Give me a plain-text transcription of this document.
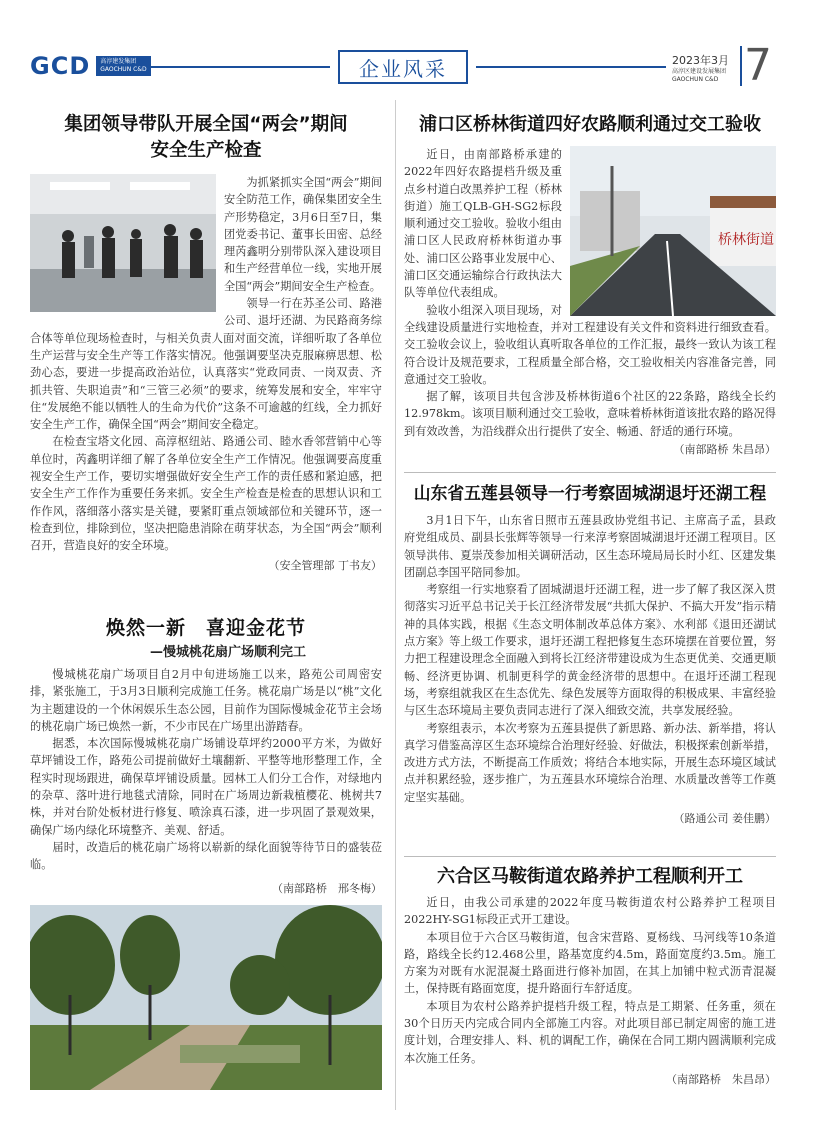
GCD	高淳建发集团
GAOCHUN C&D	企业风采	2023年3月
高淳区建设发展集团
GAOCHUN C&D 7
集团领导带队开展全国“两会”期间
安全生产检查

为抓紧抓实全国“两会”期间安全防范工作，确保集团安全生产形势稳定，3月6日至7日，集团党委书记、董事长田密、总经理芮鑫明分别带队深入建设项目和生产经营单位一线，实地开展全国“两会”期间安全生产检查。

领导一行在苏圣公司、路港公司、退圩还湖、为民路商务综合体等单位现场检查时，与相关负责人面对面交流，详细听取了各单位生产运营与安全生产等工作落实情况。他强调要坚决克服麻痹思想、松劲心态，要进一步提高政治站位，认真落实“党政同责、一岗双责、齐抓共管、失职追责”和“三管三必须”的要求，统筹发展和安全，牢牢守住“发展绝不能以牺牲人的生命为代价”这条不可逾越的红线，全力抓好安全生产工作，确保全国“两会”期间安全稳定。

在检查宝塔文化园、高淳枢纽站、路通公司、睦水香邻营销中心等单位时，芮鑫明详细了解了各单位安全生产工作情况。他强调要高度重视安全生产工作，要切实增强做好安全生产工作的责任感和紧迫感，把安全生产工作作为重要任务来抓。安全生产检查是检查的思想认识和工作作风，落细落小落实是关键，要紧盯重点领域部位和关键环节，逐一检查到位，排除到位，坚决把隐患消除在萌芽状态，为全国“两会”顺利召开，营造良好的安全环境。

（安全管理部 丁书友）
焕然一新　喜迎金花节
—慢城桃花扇广场顺利完工

慢城桃花扇广场项目自2月中旬进场施工以来，路苑公司周密安排，紧张施工，于3月3日顺利完成施工任务。桃花扇广场是以“桃”文化为主题建设的一个休闲娱乐生态公园，目前作为国际慢城金花节主会场的桃花扇广场已焕然一新，不少市民在广场里出游踏春。

据悉，本次国际慢城桃花扇广场铺设草坪约2000平方米，为做好草坪铺设工作，路苑公司提前做好土壤翻新、平整等地形整理工作，全程实时现场跟进，确保草坪铺设质量。园林工人们分工合作，对绿地内的杂草、落叶进行地毯式清除，同时在广场周边新栽植樱花、桃树共7株，并对台阶处板材进行修复、喷涂真石漆，进一步巩固了景观效果，确保广场内绿化环境整齐、美观、舒适。

届时，改造后的桃花扇广场将以崭新的绿化面貌等待节日的盛装莅临。

（南部路桥　邢冬梅）
浦口区桥林街道四好农路顺利通过交工验收
桥林街道

近日，由南部路桥承建的2022年四好农路提档升级及重点乡村道白改黑养护工程（桥林街道）施工QLB-GH-SG2标段顺利通过交工验收。验收小组由浦口区人民政府桥林街道办事处、浦口区公路事业发展中心、浦口区交通运输综合行政执法大队等单位代表组成。

验收小组深入项目现场，对全线建设质量进行实地检查，并对工程建设有关文件和资料进行细致查看。交工验收会议上，验收组认真听取各单位的工作汇报，最终一致认为该工程符合设计及规范要求，工程质量全部合格，交工验收相关内容准备完善，同意通过交工验收。

据了解，该项目共包含涉及桥林街道6个社区的22条路，路线全长约12.978km。该项目顺利通过交工验收，意味着桥林街道该批农路的路况得到有效改善，为沿线群众出行提供了安全、畅通、舒适的通行环境。

（南部路桥 朱昌昂）
山东省五莲县领导一行考察固城湖退圩还湖工程

3月1日下午，山东省日照市五莲县政协党组书记、主席高子孟，县政府党组成员、副县长张辉等领导一行来淳考察固城湖退圩还湖工程项目。区领导洪伟、夏崇茂参加相关调研活动，区生态环境局局长时小红、区建发集团副总李国平陪同参加。

考察组一行实地察看了固城湖退圩还湖工程，进一步了解了我区深入贯彻落实习近平总书记关于长江经济带发展“共抓大保护、不搞大开发”指示精神的具体实践，根据《生态文明体制改革总体方案》、水利部《退田还湖试点方案》等上级工作要求，退圩还湖工程把修复生态环境摆在首要位置，努力把工程建设理念全面融入到将长江经济带建设成为生态更优美、交通更顺畅、经济更协调、机制更科学的黄金经济带的思想中。在退圩还湖工程现场，考察组就我区在生态优先、绿色发展等方面取得的积极成果、丰富经验与区生态环境局主要负责同志进行了深入细致交流，共享发展经验。

考察组表示，本次考察为五莲县提供了新思路、新办法、新举措，将认真学习借鉴高淳区生态环境综合治理好经验、好做法，积极探索创新举措，改进方式方法，不断提高工作质效；将结合本地实际，开展生态环境区域试点并积累经验，逐步推广，为五莲县水环境综合治理、水质量改善等工作奠定坚实基础。

（路通公司 姜佳鹏）
六合区马鞍街道农路养护工程顺利开工

近日，由我公司承建的2022年度马鞍街道农村公路养护工程项目2022HY-SG1标段正式开工建设。

本项目位于六合区马鞍街道，包含宋营路、夏杨线、马河线等10条道路，路线全长约12.468公里，路基宽度约4.5m，路面宽度约3.5m。施工方案为对既有水泥混凝土路面进行修补加固，在其上加铺中粒式沥青混凝土，保持既有路面宽度，提升路面行车舒适度。

本项目为农村公路养护提档升级工程，特点是工期紧、任务重，须在30个日历天内完成合同内全部施工内容。对此项目部已制定周密的施工进度计划，合理安排人、料、机的调配工作，确保在合同工期内圆满顺利完成本次施工任务。

（南部路桥　朱昌昂）
